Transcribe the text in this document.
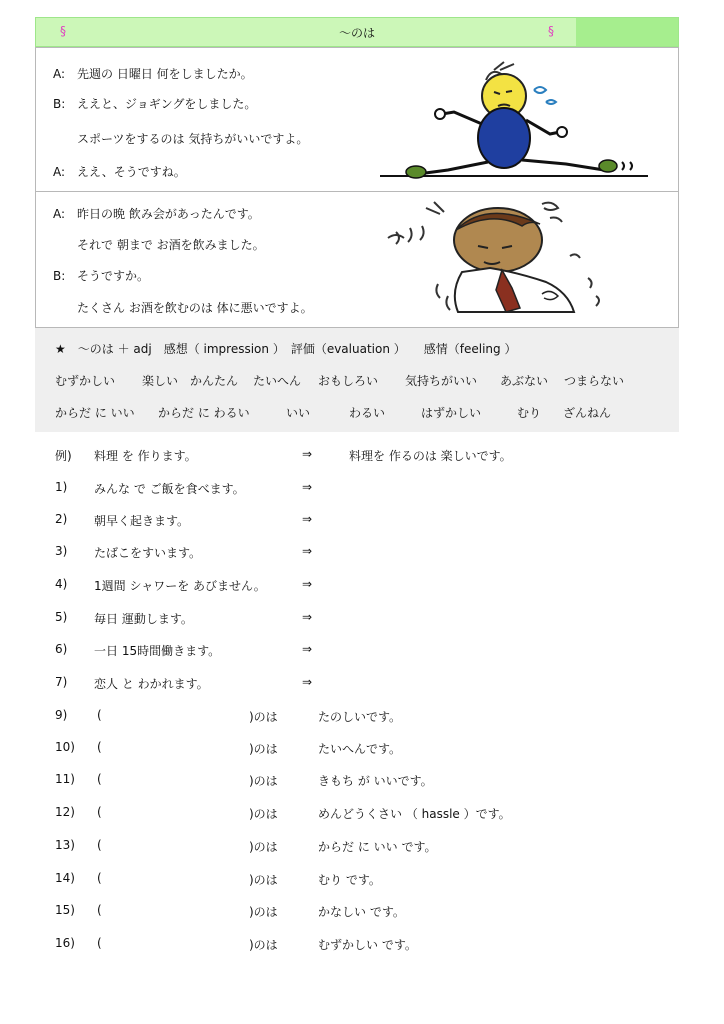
§	～のは	§
A: 先週の 日曜日 何をしましたか。
B: ええと、ジョギングをしました。
スポーツをするのは 気持ちがいいですよ。
A: ええ、そうですね。
A: 昨日の晩 飲み会があったんです。
それで 朝まで お酒を飲みました。
B: そうですか。
たくさん お酒を飲むのは 体に悪いですよ。
★　 ～のは ＋ adj　感想（ impression ）　評価（evaluation ）　　感情（feeling ）
むずかしい 楽しい かんたん たいへん おもしろい 気持ちがいい あぶない つまらない
からだ に いい からだ に わるい	いい	わるい	はずかしい	むり ざんねん
例) 料理 を 作ります。	⇒	料理を 作るのは 楽しいです。
1) みんな で ご飯を食べます。	⇒
2) 朝早く起きます。	⇒
3) たばこをすいます。	⇒
4) 1週間 シャワーを あびません。	⇒
5) 毎日 運動します。	⇒
6) 一日 15時間働きます。	⇒
7) 恋人 と わかれます。	⇒
9) (	)のは	たのしいです。
10) (	)のは	たいへんです。
11) (	)のは	きもち が いいです。
12) (	)のは	めんどうくさい （ hassle ）です。
13) (	)のは	からだ に いい です。
14) (	)のは	むり です。
15) (	)のは	かなしい です。
16) (	)のは	むずかしい です。
